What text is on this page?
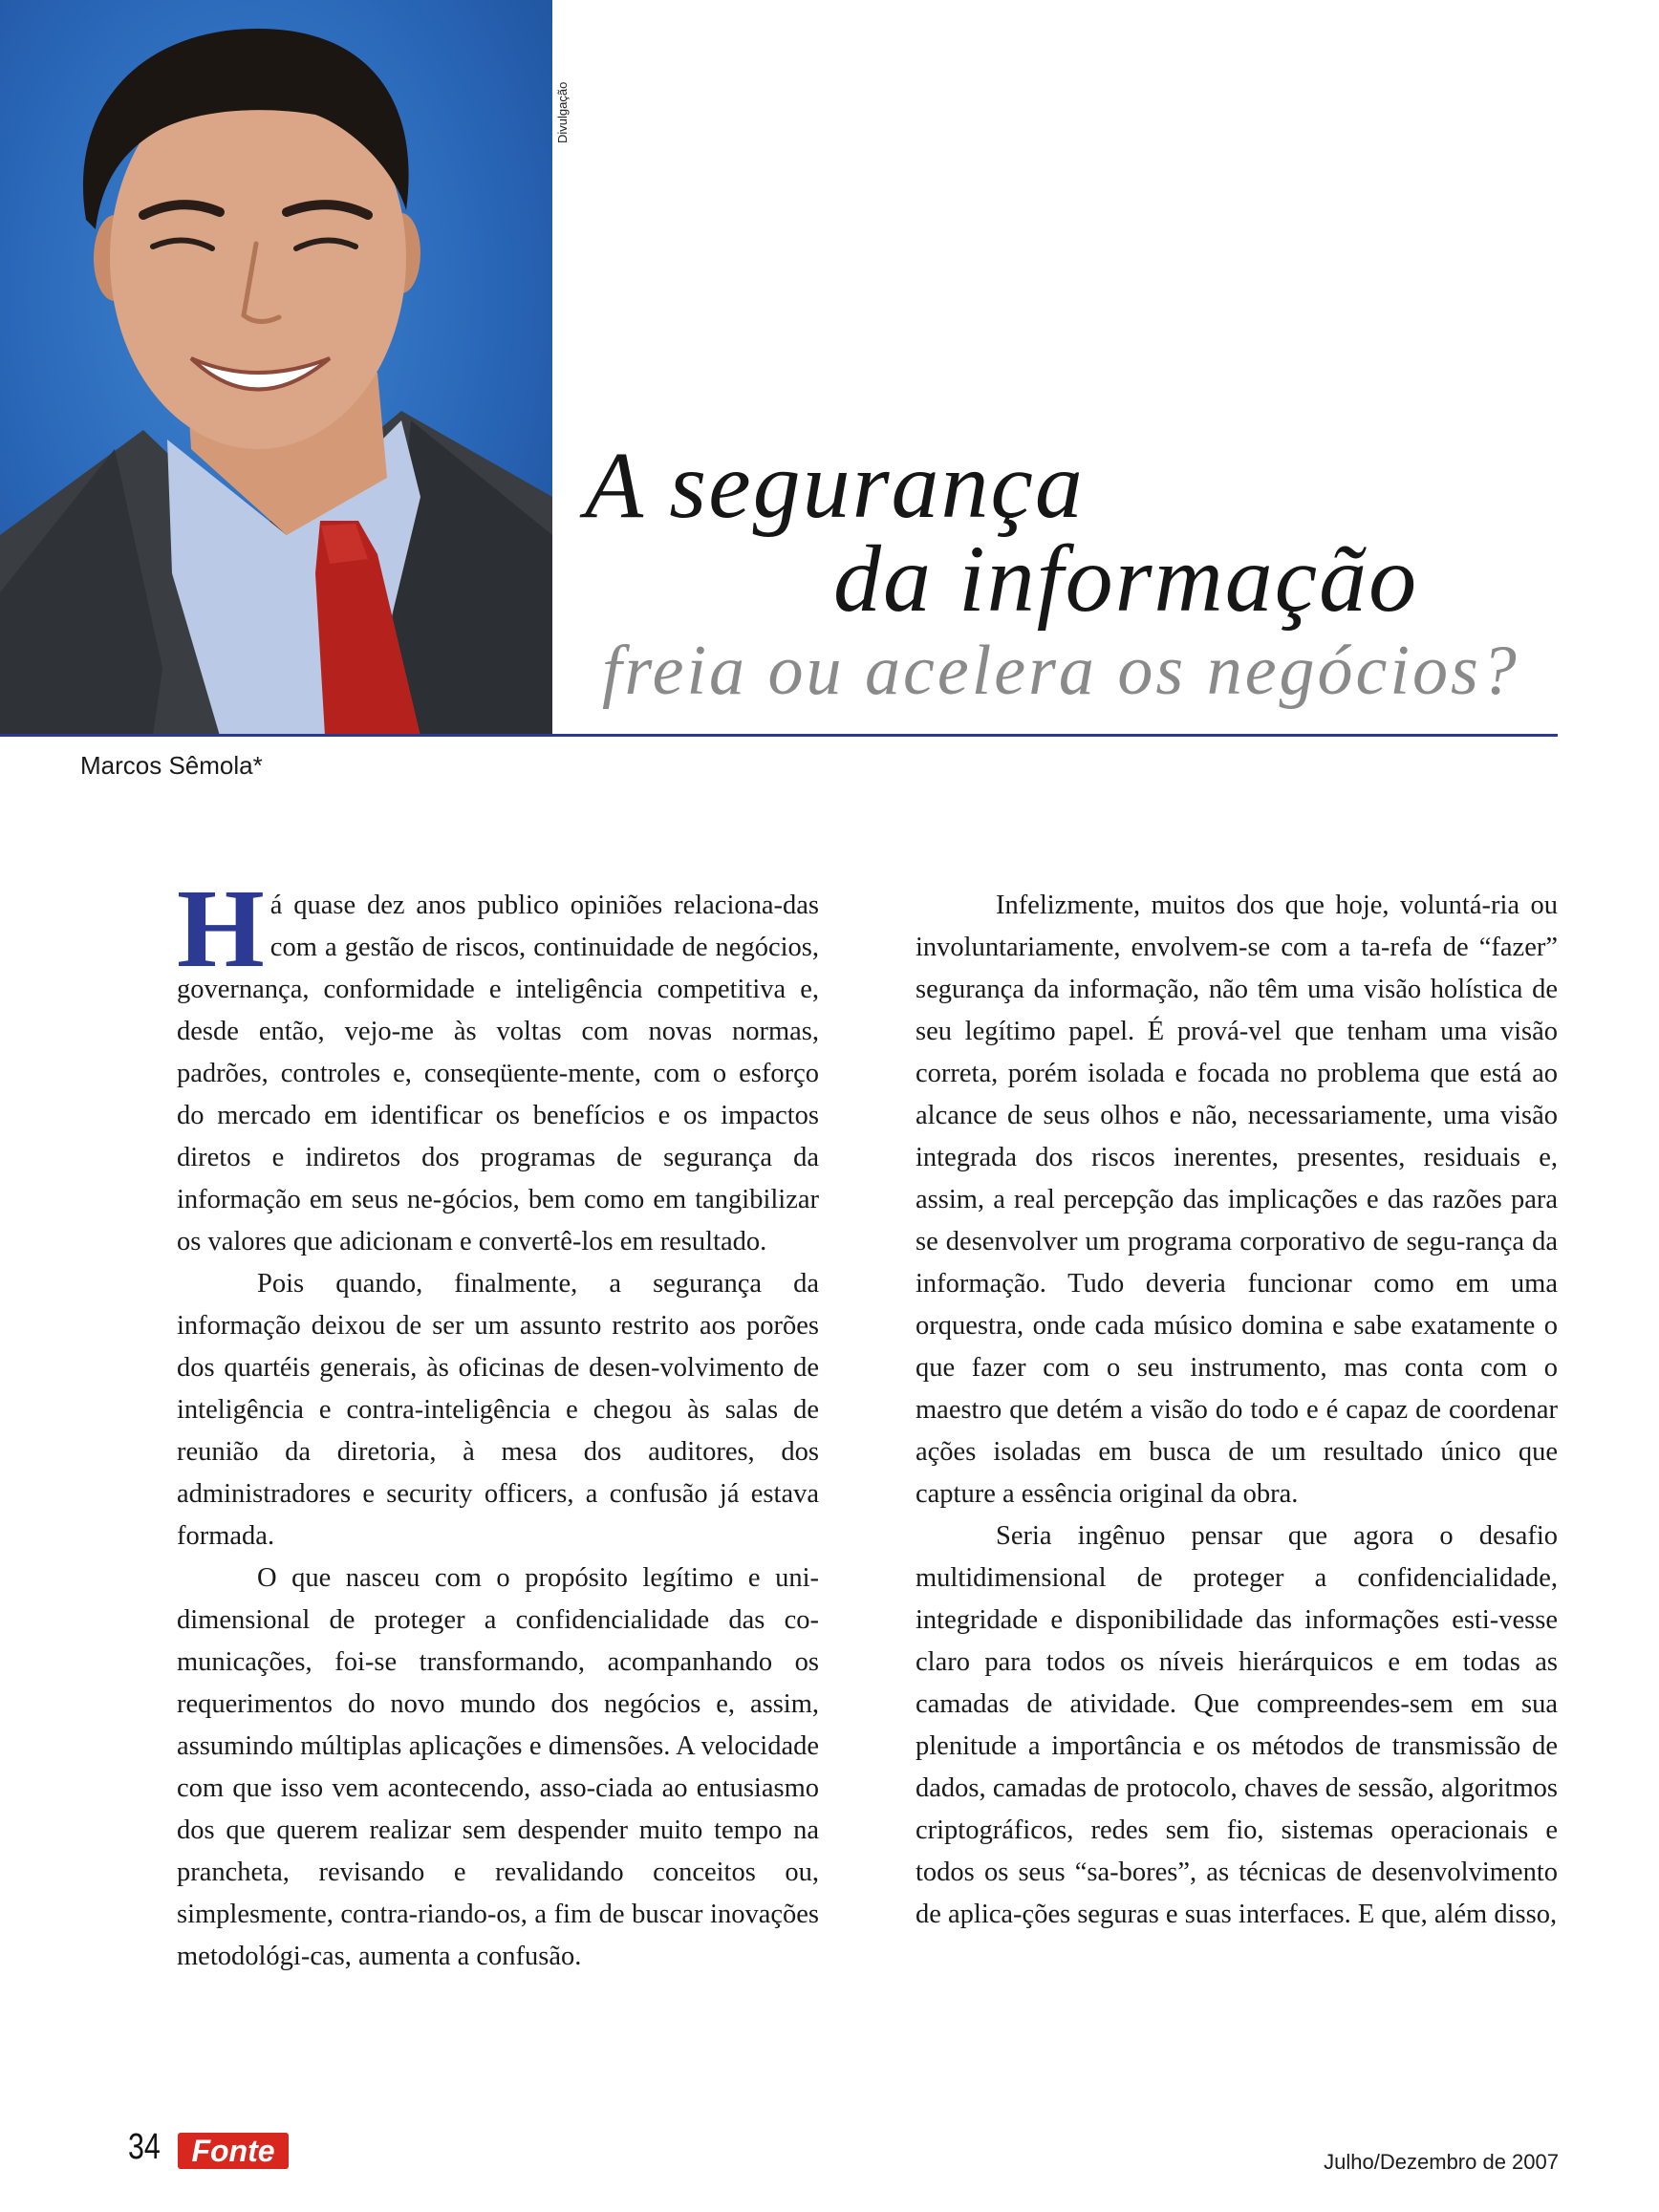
Divulgação
A segurança
da informação
freia ou acelera os negócios?
Marcos Sêmola*

Há quase dez anos publico opiniões relaciona-das com a gestão de riscos, continuidade de negócios, governança, conformidade e inteligência competitiva e, desde então, vejo-me às voltas com novas normas, padrões, controles e, conseqüente-mente, com o esforço do mercado em identificar os benefícios e os impactos diretos e indiretos dos programas de segurança da informação em seus ne-gócios, bem como em tangibilizar os valores que adicionam e convertê-los em resultado.

Pois quando, finalmente, a segurança da informação deixou de ser um assunto restrito aos porões dos quartéis generais, às oficinas de desen-volvimento de inteligência e contra-inteligência e chegou às salas de reunião da diretoria, à mesa dos auditores, dos administradores e security officers, a confusão já estava formada.

O que nasceu com o propósito legítimo e uni-dimensional de proteger a confidencialidade das co-municações, foi-se transformando, acompanhando os requerimentos do novo mundo dos negócios e, assim, assumindo múltiplas aplicações e dimensões. A velocidade com que isso vem acontecendo, asso-ciada ao entusiasmo dos que querem realizar sem despender muito tempo na prancheta, revisando e revalidando conceitos ou, simplesmente, contra-riando-os, a fim de buscar inovações metodológi-cas, aumenta a confusão.

Infelizmente, muitos dos que hoje, voluntá-ria ou involuntariamente, envolvem-se com a ta-refa de “fazer” segurança da informação, não têm uma visão holística de seu legítimo papel. É prová-vel que tenham uma visão correta, porém isolada e focada no problema que está ao alcance de seus olhos e não, necessariamente, uma visão integrada dos riscos inerentes, presentes, residuais e, assim, a real percepção das implicações e das razões para se desenvolver um programa corporativo de segu-rança da informação. Tudo deveria funcionar como em uma orquestra, onde cada músico domina e sabe exatamente o que fazer com o seu instrumento, mas conta com o maestro que detém a visão do todo e é capaz de coordenar ações isoladas em busca de um resultado único que capture a essência original da obra.

Seria ingênuo pensar que agora o desafio multidimensional de proteger a confidencialidade, integridade e disponibilidade das informações esti-vesse claro para todos os níveis hierárquicos e em todas as camadas de atividade. Que compreendes-sem em sua plenitude a importância e os métodos de transmissão de dados, camadas de protocolo, chaves de sessão, algoritmos criptográficos, redes sem fio, sistemas operacionais e todos os seus “sa-bores”, as técnicas de desenvolvimento de aplica-ções seguras e suas interfaces. E que, além disso,

34	Fonte	Julho/Dezembro de 2007
